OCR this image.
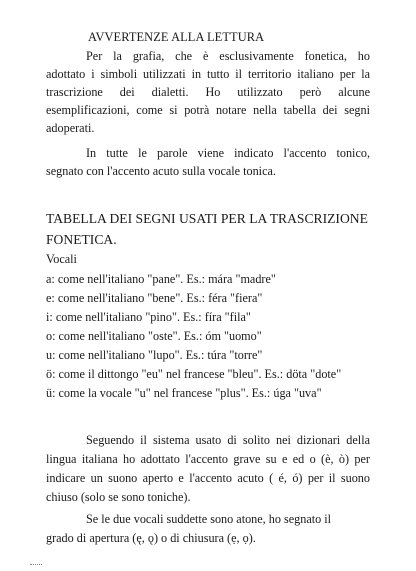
AVVERTENZE ALLA LETTURA
Per la grafia, che è esclusivamente fonetica, ho
adottato i simboli utilizzati in tutto il territorio italiano per la
trascrizione dei dialetti. Ho utilizzato però alcune
esemplificazioni, come si potrà notare nella tabella dei segni
adoperati.
In tutte le parole viene indicato l'accento tonico,
segnato con l'accento acuto sulla vocale tonica.
TABELLA DEI SEGNI USATI PER LA TRASCRIZIONE
FONETICA.
Vocali
a: come nell'italiano "pane". Es.: mára "madre"
e: come nell'italiano "bene". Es.: féra "fiera"
i: come nell'italiano "pino". Es.: fíra "fila"
o: come nell'italiano "oste". Es.: óm "uomo"
u: come nell'italiano "lupo". Es.: túra "torre"
ö: come il dittongo "eu" nel francese "bleu". Es.: döta "dote"
ü: come la vocale "u" nel francese "plus". Es.: úga "uva"
Seguendo il sistema usato di solito nei dizionari della
lingua italiana ho adottato l'accento grave su e ed o (è, ò) per
indicare un suono aperto e l'accento acuto ( é, ó) per il suono
chiuso (solo se sono toniche).
Se le due vocali suddette sono atone, ho segnato il
grado di apertura (ę, ǫ) o di chiusura (ẹ, ọ).
